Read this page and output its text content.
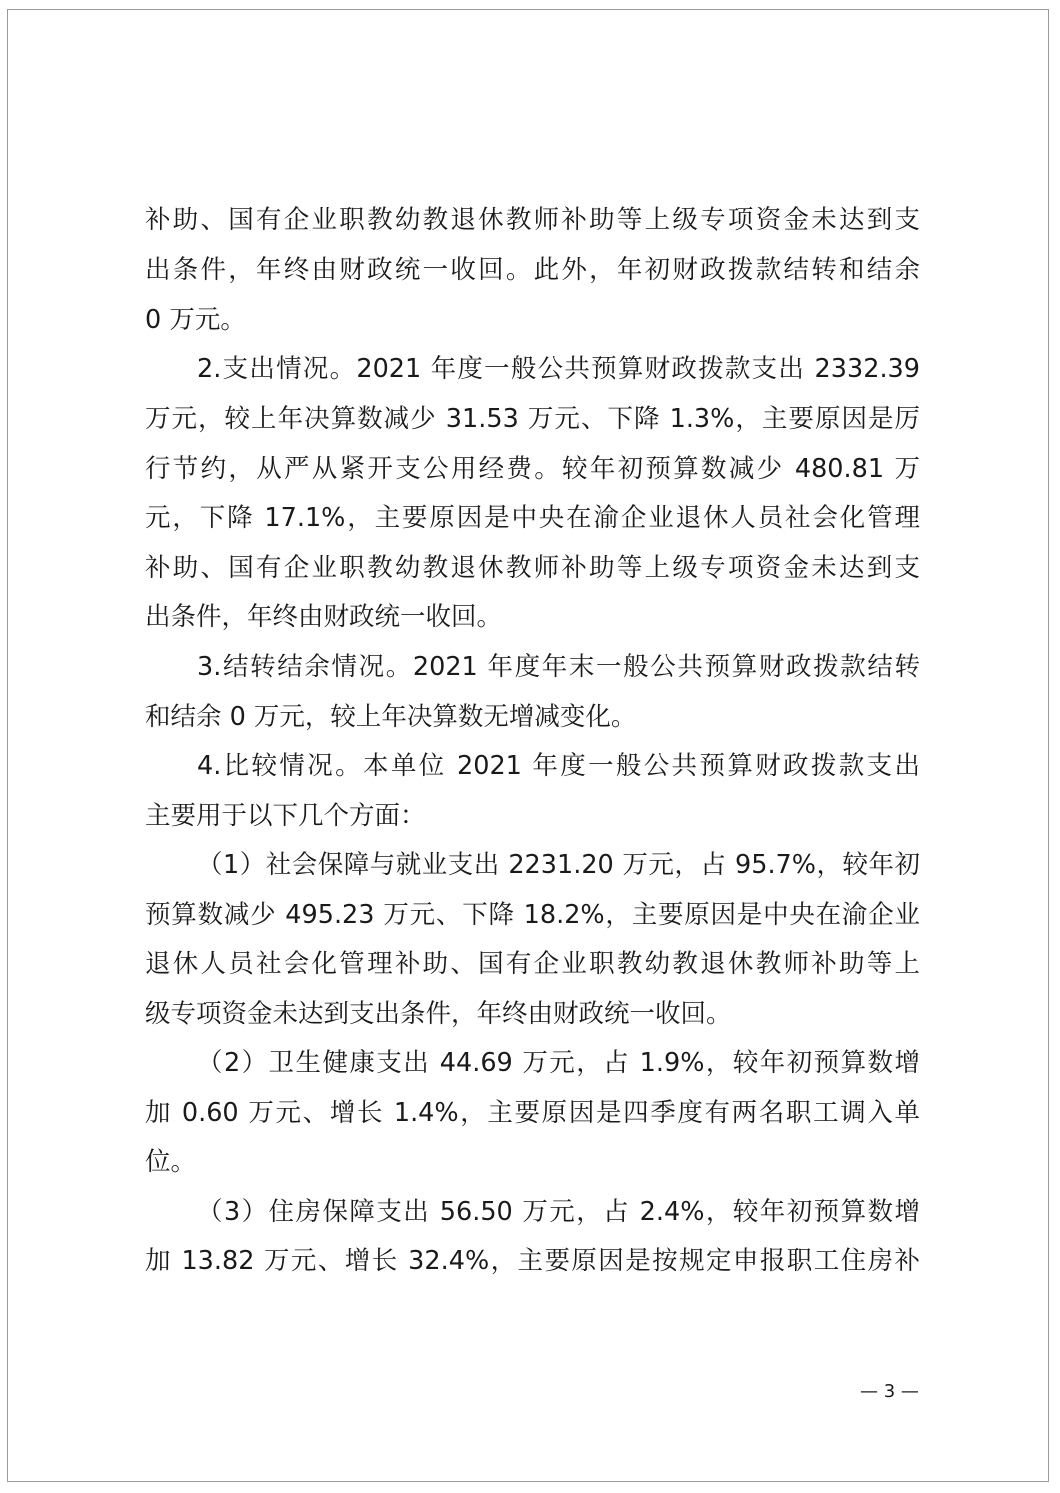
补助、国有企业职教幼教退休教师补助等上级专项资金未达到支
出条件，年终由财政统一收回。此外，年初财政拨款结转和结余
0 万元。
2.支出情况。2021 年度一般公共预算财政拨款支出 2332.39
万元，较上年决算数减少 31.53 万元、下降 1.3%，主要原因是厉
行节约，从严从紧开支公用经费。较年初预算数减少 480.81 万
元，下降 17.1%，主要原因是中央在渝企业退休人员社会化管理
补助、国有企业职教幼教退休教师补助等上级专项资金未达到支
出条件，年终由财政统一收回。
3.结转结余情况。2021 年度年末一般公共预算财政拨款结转
和结余 0 万元，较上年决算数无增减变化。
4.比较情况。本单位 2021 年度一般公共预算财政拨款支出
主要用于以下几个方面：
（1）社会保障与就业支出 2231.20 万元，占 95.7%，较年初
预算数减少 495.23 万元、下降 18.2%，主要原因是中央在渝企业
退休人员社会化管理补助、国有企业职教幼教退休教师补助等上
级专项资金未达到支出条件，年终由财政统一收回。
（2）卫生健康支出 44.69 万元，占 1.9%，较年初预算数增
加 0.60 万元、增长 1.4%，主要原因是四季度有两名职工调入单
位。
（3）住房保障支出 56.50 万元，占 2.4%，较年初预算数增
加 13.82 万元、增长 32.4%，主要原因是按规定申报职工住房补
— 3 —
